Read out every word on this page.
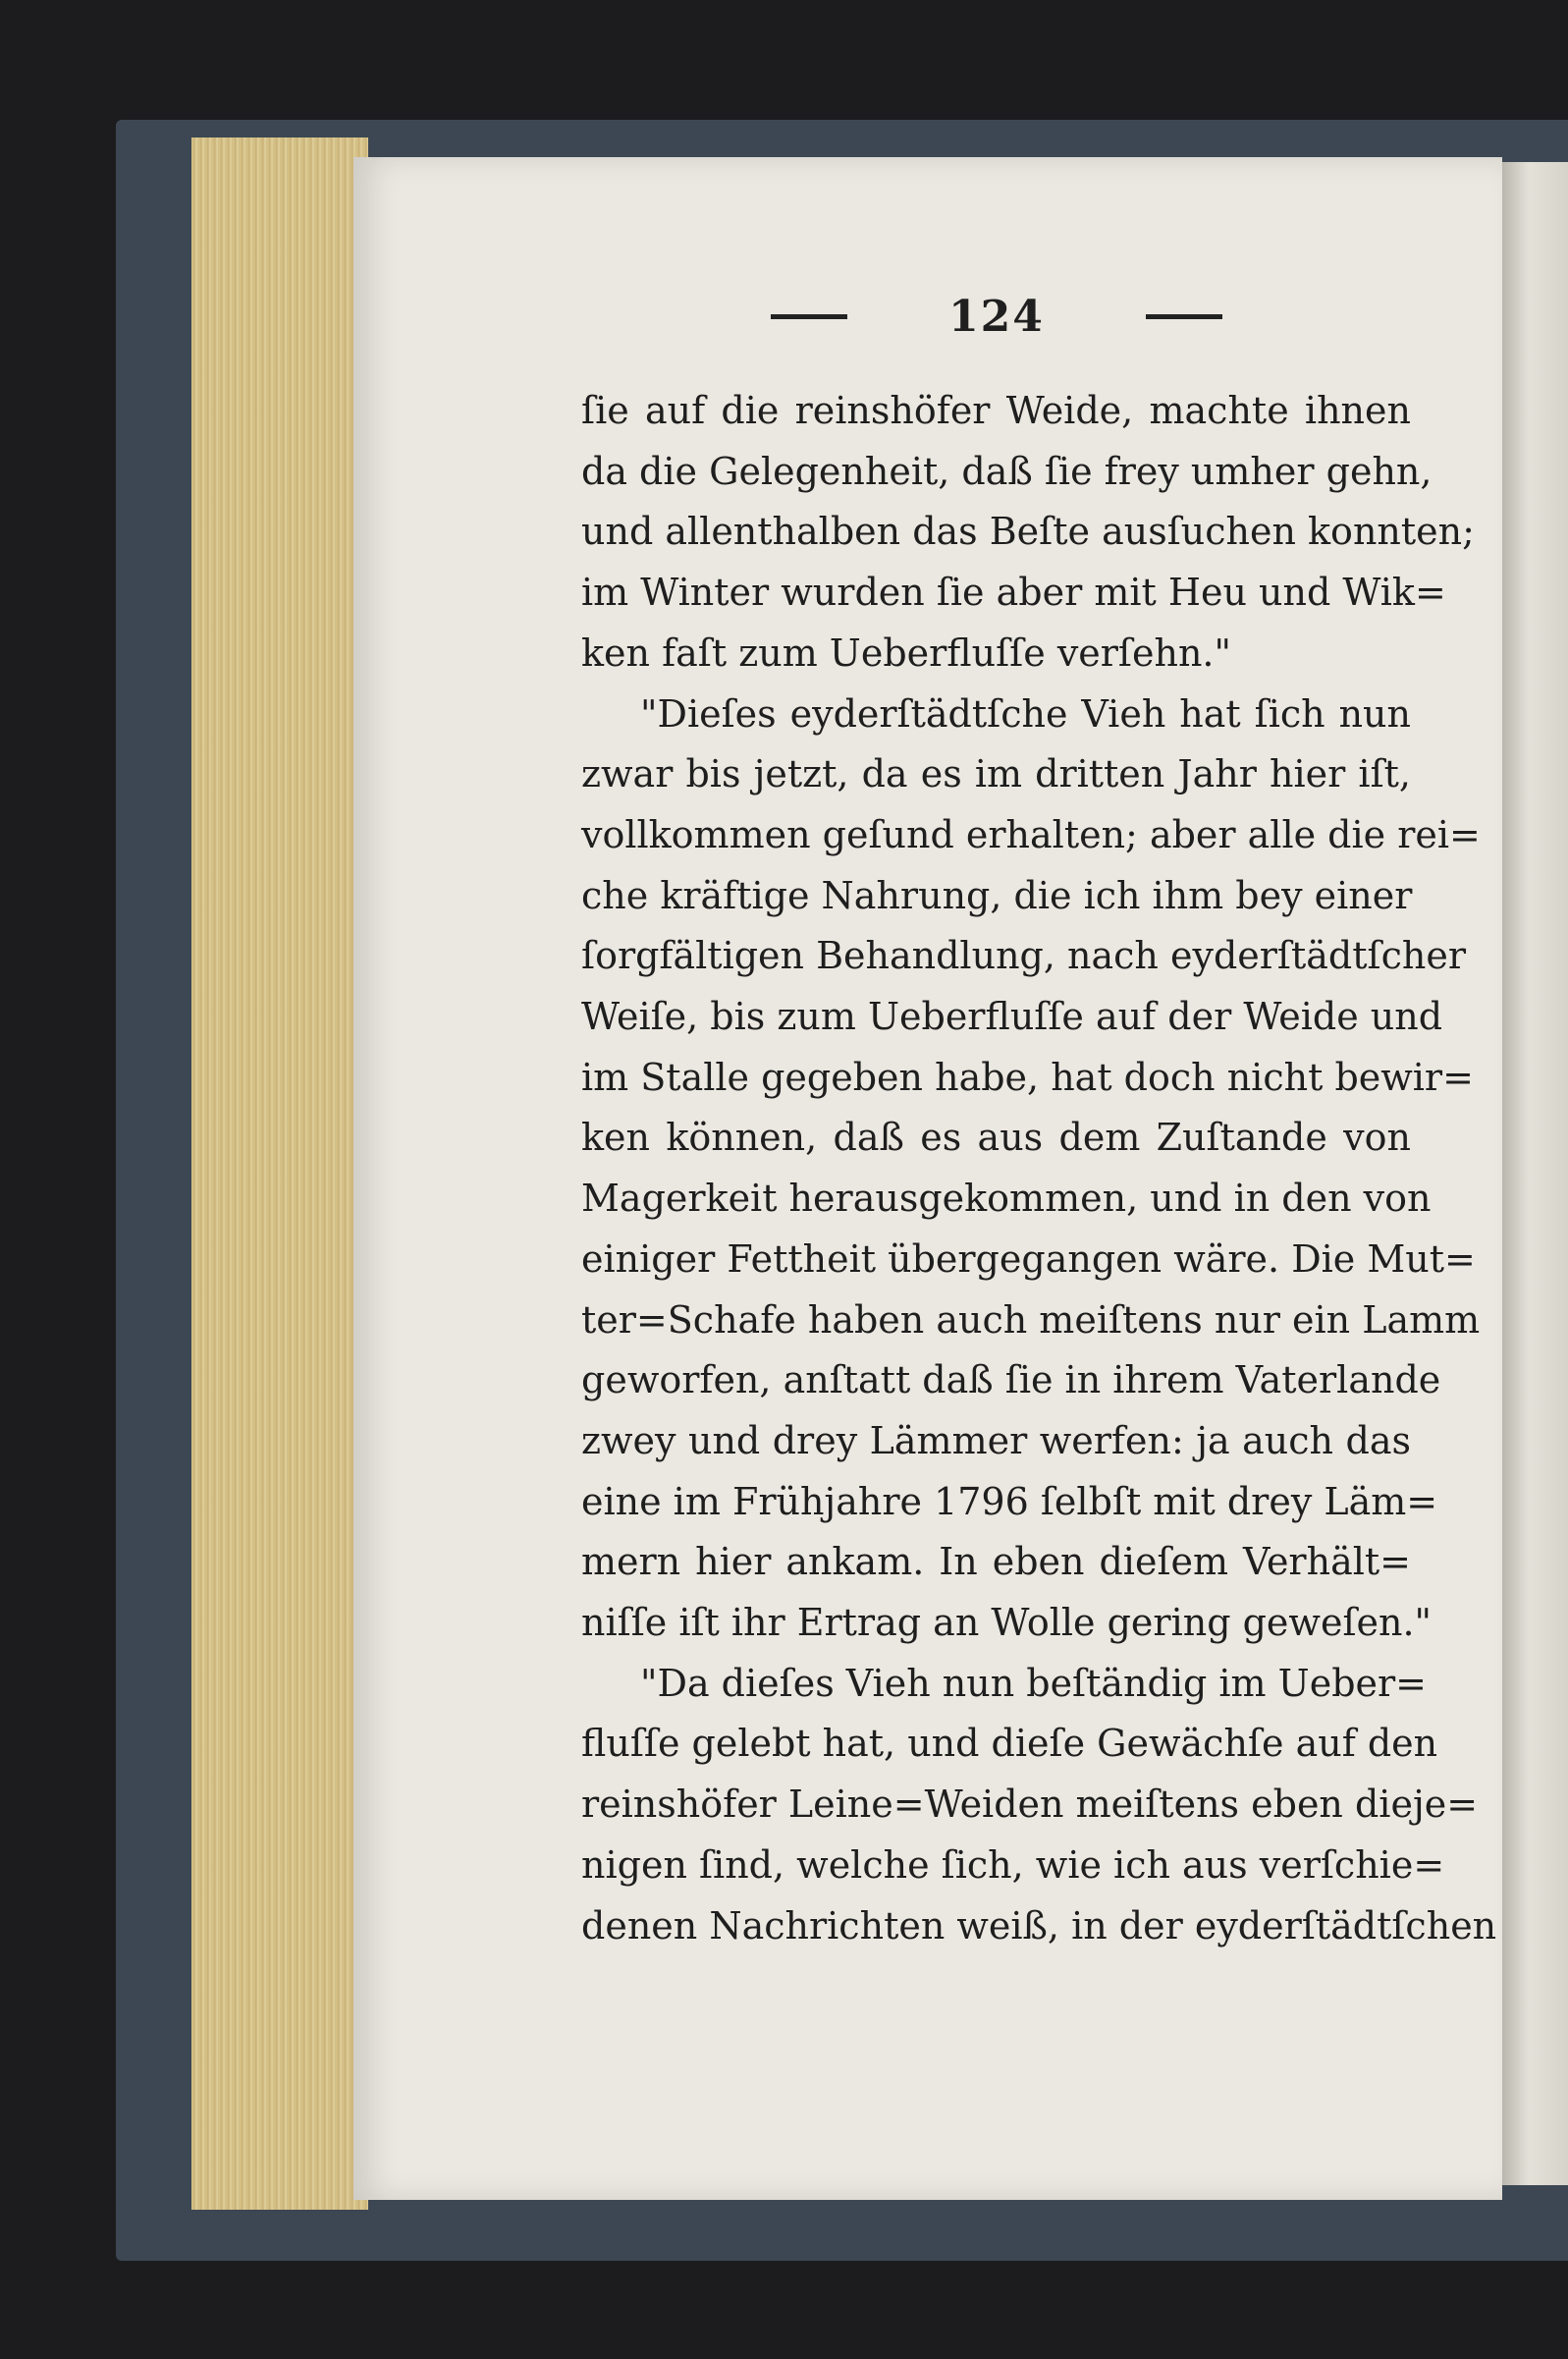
124
ſie auf die reinshöfer Weide, machte ihnen
da die Gelegenheit, daß ſie frey umher gehn,
und allenthalben das Beſte ausſuchen konnten;
im Winter wurden ſie aber mit Heu und Wik=
ken faſt zum Ueberfluſſe verſehn."
"Dieſes eyderſtädtſche Vieh hat ſich nun
zwar bis jetzt, da es im dritten Jahr hier iſt,
vollkommen geſund erhalten; aber alle die rei=
che kräftige Nahrung, die ich ihm bey einer
ſorgfältigen Behandlung, nach eyderſtädtſcher
Weiſe, bis zum Ueberfluſſe auf der Weide und
im Stalle gegeben habe, hat doch nicht bewir=
ken können, daß es aus dem Zuſtande von
Magerkeit herausgekommen, und in den von
einiger Fettheit übergegangen wäre. Die Mut=
ter=Schafe haben auch meiſtens nur ein Lamm
geworfen, anſtatt daß ſie in ihrem Vaterlande
zwey und drey Lämmer werfen: ja auch das
eine im Frühjahre 1796 ſelbſt mit drey Läm=
mern hier ankam. In eben dieſem Verhält=
niſſe iſt ihr Ertrag an Wolle gering geweſen."
"Da dieſes Vieh nun beſtändig im Ueber=
fluſſe gelebt hat, und dieſe Gewächſe auf den
reinshöfer Leine=Weiden meiſtens eben dieje=
nigen ſind, welche ſich, wie ich aus verſchie=
denen Nachrichten weiß, in der eyderſtädtſchen
